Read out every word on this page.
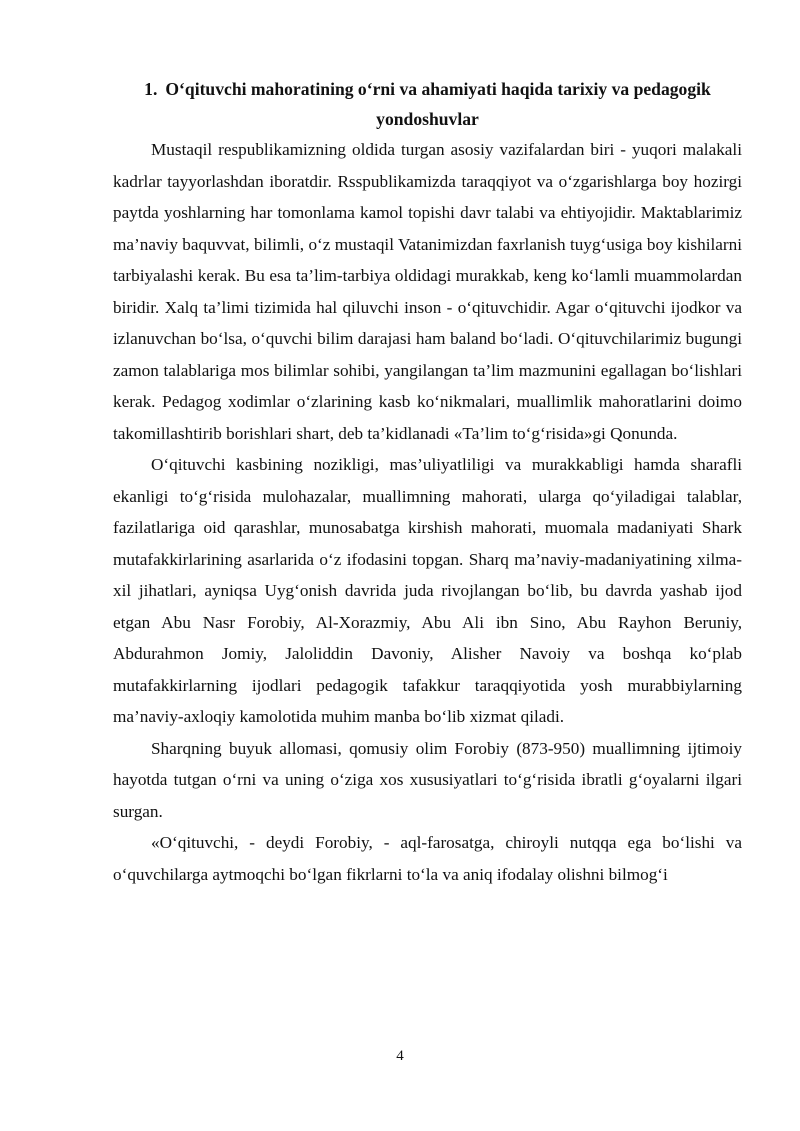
1. O‘qituvchi mahoratining o‘rni va ahamiyati haqida tarixiy va pedagogik yondoshuvlar

Mustaqil respublikamizning oldida turgan asosiy vazifalardan biri - yuqori malakali kadrlar tayyorlashdan iboratdir. Rsspublikamizda taraqqiyot va o‘zgarishlarga boy hozirgi paytda yoshlarning har tomonlama kamol topishi davr talabi va ehtiyojidir. Maktablarimiz ma’naviy baquvvat, bilimli, o‘z mustaqil Vatanimizdan faxrlanish tuyg‘usiga boy kishilarni tarbiyalashi kerak. Bu esa ta’lim-tarbiya oldidagi murakkab, keng ko‘lamli muammolardan biridir. Xalq ta’limi tizimida hal qiluvchi inson - o‘qituvchidir. Agar o‘qituvchi ijodkor va izlanuvchan bo‘lsa, o‘quvchi bilim darajasi ham baland bo‘ladi. O‘qituvchilarimiz bugungi zamon talablariga mos bilimlar sohibi, yangilangan ta’lim mazmunini egallagan bo‘lishlari kerak. Pedagog xodimlar o‘zlarining kasb ko‘nikmalari, muallimlik mahoratlarini doimo takomillashtirib borishlari shart, deb ta’kidlanadi «Ta’lim to‘g‘risida»gi Qonunda.

O‘qituvchi kasbining nozikligi, mas’uliyatliligi va murakkabligi hamda sharafli ekanligi to‘g‘risida mulohazalar, muallimning mahorati, ularga qo‘yiladigai talablar, fazilatlariga oid qarashlar, munosabatga kirshish mahorati, muomala madaniyati Shark mutafakkirlarining asarlarida o‘z ifodasini topgan. Sharq ma’naviy-madaniyatining xilma-xil jihatlari, ayniqsa Uyg‘onish davrida juda rivojlangan bo‘lib, bu davrda yashab ijod etgan Abu Nasr Forobiy, Al-Xorazmiy, Abu Ali ibn Sino, Abu Rayhon Beruniy, Abdurahmon Jomiy, Jaloliddin Davoniy, Alisher Navoiy va boshqa ko‘plab mutafakkirlarning ijodlari pedagogik tafakkur taraqqiyotida yosh murabbiylarning ma’naviy-axloqiy kamolotida muhim manba bo‘lib xizmat qiladi.

Sharqning buyuk allomasi, qomusiy olim Forobiy (873-950) muallimning ijtimoiy hayotda tutgan o‘rni va uning o‘ziga xos xususiyatlari to‘g‘risida ibratli g‘oyalarni ilgari surgan.

«O‘qituvchi, - deydi Forobiy, - aql-farosatga, chiroyli nutqqa ega bo‘lishi va o‘quvchilarga aytmoqchi bo‘lgan fikrlarni to‘la va aniq ifodalay olishni bilmog‘i

4
